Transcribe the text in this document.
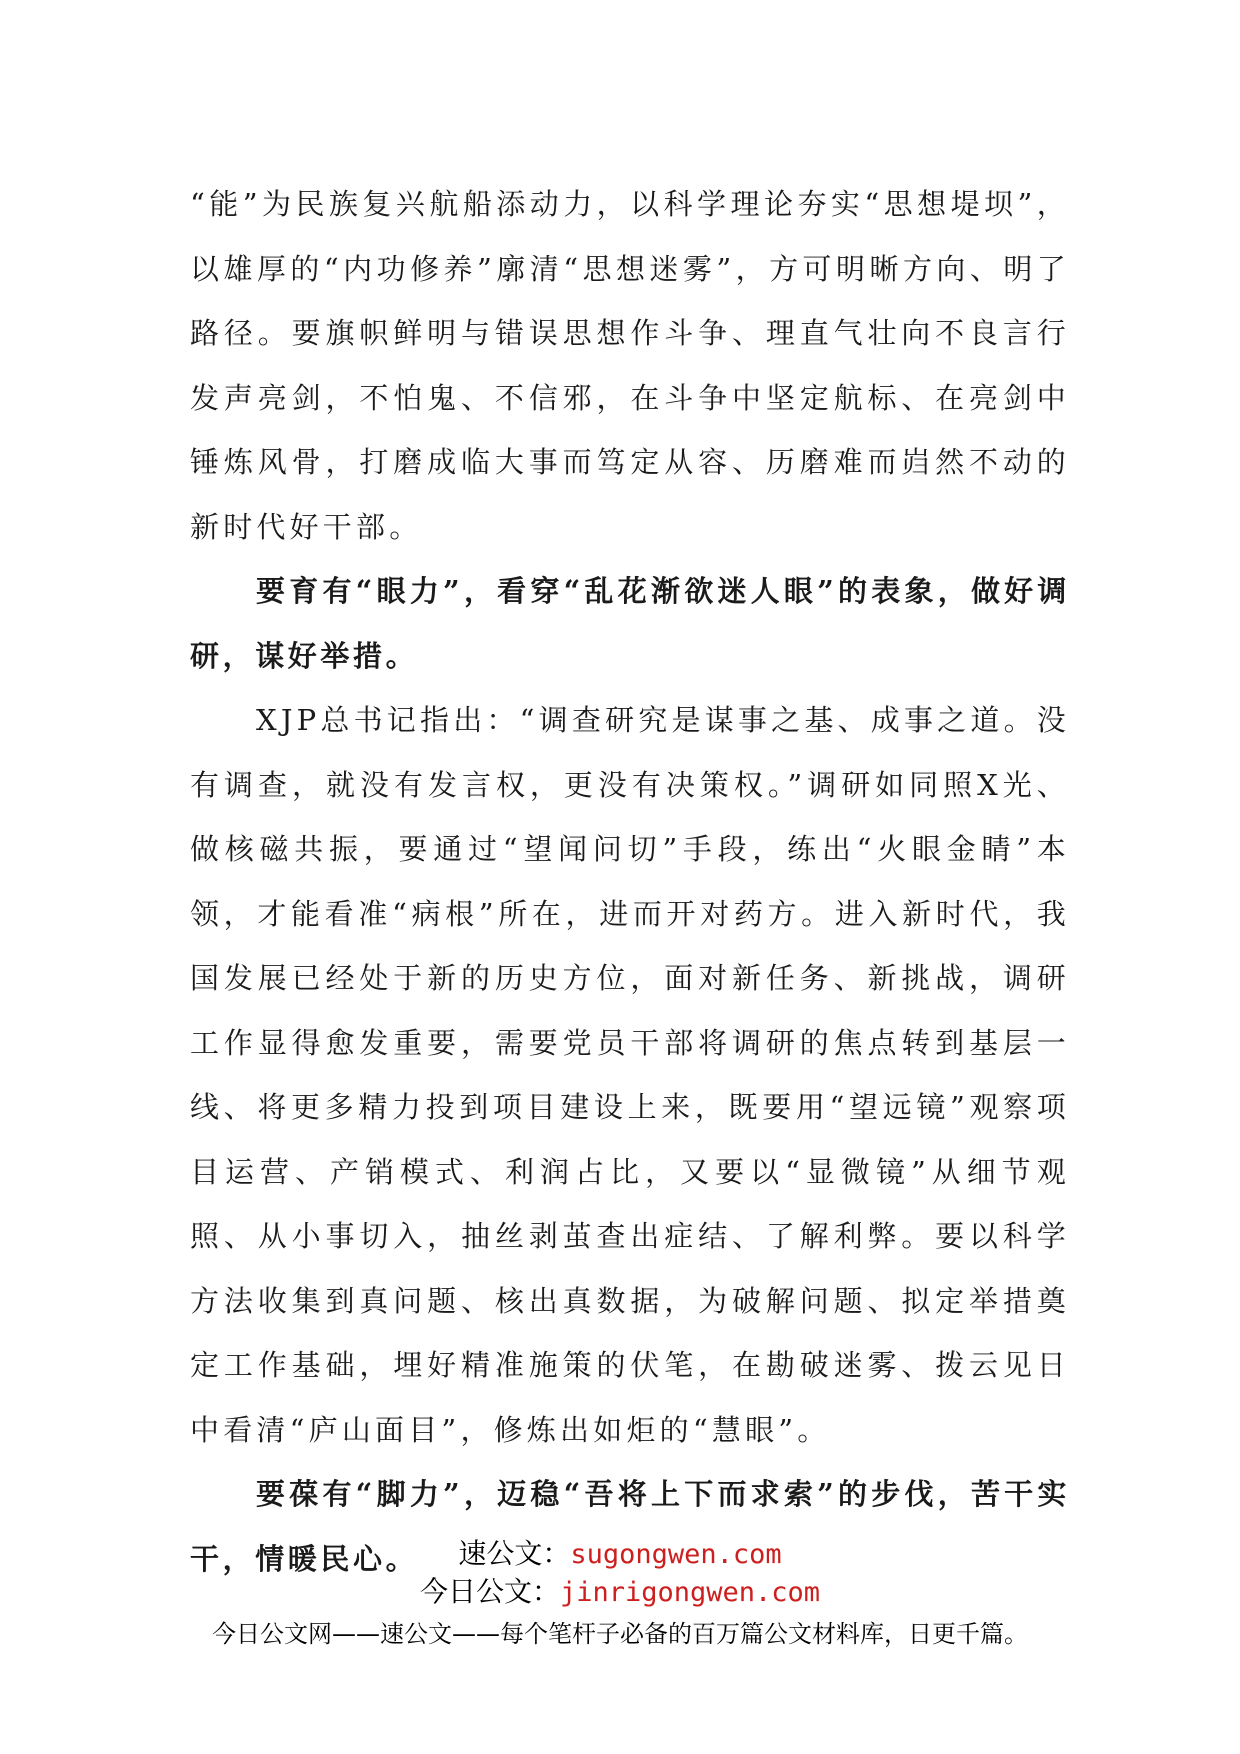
“能”为民族复兴航船添动力，以科学理论夯实“思想堤坝”，以雄厚的“内功修养”廓清“思想迷雾”，方可明晰方向、明了路径。要旗帜鲜明与错误思想作斗争、理直气壮向不良言行发声亮剑，不怕鬼、不信邪，在斗争中坚定航标、在亮剑中锤炼风骨，打磨成临大事而笃定从容、历磨难而岿然不动的新时代好干部。

要育有“眼力”，看穿“乱花渐欲迷人眼”的表象，做好调研，谋好举措。

XJP总书记指出：“调查研究是谋事之基、成事之道。没有调查，就没有发言权，更没有决策权。”调研如同照X光、做核磁共振，要通过“望闻问切”手段，练出“火眼金睛”本领，才能看准“病根”所在，进而开对药方。进入新时代，我国发展已经处于新的历史方位，面对新任务、新挑战，调研工作显得愈发重要，需要党员干部将调研的焦点转到基层一线、将更多精力投到项目建设上来，既要用“望远镜”观察项目运营、产销模式、利润占比，又要以“显微镜”从细节观照、从小事切入，抽丝剥茧查出症结、了解利弊。要以科学方法收集到真问题、核出真数据，为破解问题、拟定举措奠定工作基础，埋好精准施策的伏笔，在勘破迷雾、拨云见日中看清“庐山面目”，修炼出如炬的“慧眼”。

要葆有“脚力”，迈稳“吾将上下而求索”的步伐，苦干实干，情暖民心。	速公文：sugongwen.com
今日公文：jinrigongwen.com
今日公文网——速公文——每个笔杆子必备的百万篇公文材料库，日更千篇。
